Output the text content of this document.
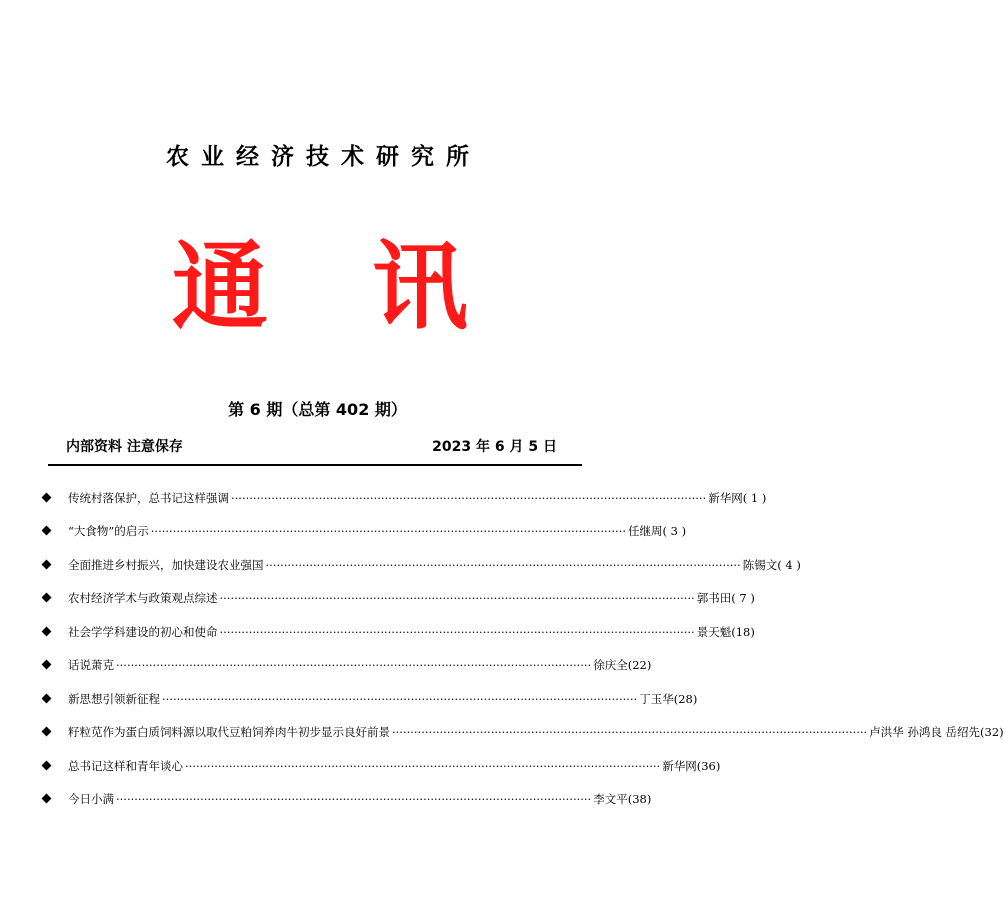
农业经济技术研究所
通 讯
第 6 期（总第 402 期）
内部资料 注意保存	2023 年 6 月 5 日
传统村落保护，总书记这样强调 ·································································································································· 新华网 ( 1 )
“大食物”的启示 ·································································································································· 任继周 ( 3 )
全面推进乡村振兴，加快建设农业强国 ·································································································································· 陈锡文 ( 4 )
农村经济学术与政策观点综述 ·································································································································· 郭书田 ( 7 )
社会学学科建设的初心和使命 ·································································································································· 景天魁 (18)
话说萧克 ·································································································································· 徐庆全 (22)
新思想引领新征程 ·································································································································· 丁玉华 (28)
籽粒苋作为蛋白质饲料源以取代豆粕饲养肉牛初步显示良好前景 ·································································································································· 卢洪华 孙鸿良 岳绍先 (32)
总书记这样和青年谈心 ·································································································································· 新华网 (36)
今日小满 ·································································································································· 李文平 (38)
